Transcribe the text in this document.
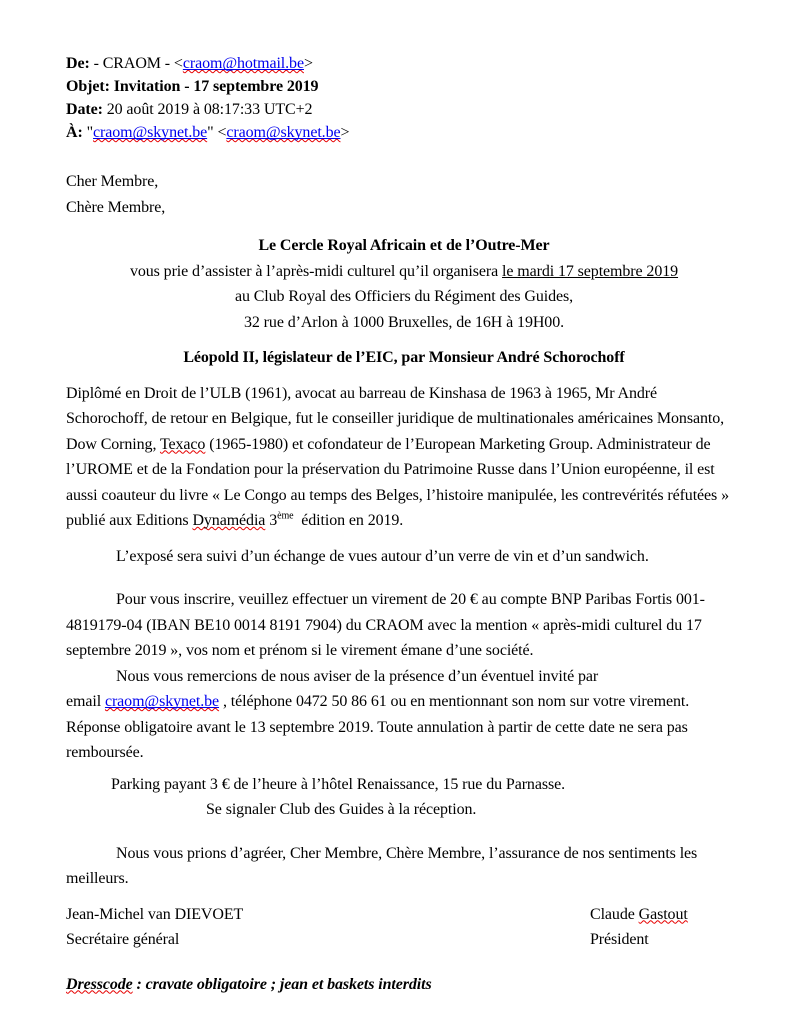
De: - CRAOM - <craom@hotmail.be>
Objet: Invitation - 17 septembre 2019
Date: 20 août 2019 à 08:17:33 UTC+2
À: "craom@skynet.be" <craom@skynet.be>
Cher Membre,
Chère Membre,
Le Cercle Royal Africain et de l’Outre-Mer
vous prie d’assister à l’après-midi culturel qu’il organisera le mardi 17 septembre 2019
au Club Royal des Officiers du Régiment des Guides,
32 rue d’Arlon à 1000 Bruxelles, de 16H à 19H00.
Léopold II, législateur de l’EIC, par Monsieur André Schorochoff

Diplômé en Droit de l’ULB (1961), avocat au barreau de Kinshasa de 1963 à 1965, Mr André Schorochoff, de retour en Belgique, fut le conseiller juridique de multinationales américaines Monsanto, Dow Corning, Texaco (1965-1980) et cofondateur de l’European Marketing Group. Administrateur de l’UROME et de la Fondation pour la préservation du Patrimoine Russe dans l’Union européenne, il est aussi coauteur du livre « Le Congo au temps des Belges, l’histoire manipulée, les contrevérités réfutées » publié aux Editions Dynamédia 3ème  édition en 2019.

L’exposé sera suivi d’un échange de vues autour d’un verre de vin et d’un sandwich.

Pour vous inscrire, veuillez effectuer un virement de 20 € au compte BNP Paribas Fortis 001-4819179-04 (IBAN BE10 0014 8191 7904) du CRAOM avec la mention « après-midi culturel du 17 septembre 2019 », vos nom et prénom si le virement émane d’une société.

Nous vous remercions de nous aviser de la présence d’un éventuel invité par
email craom@skynet.be , téléphone 0472 50 86 61 ou en mentionnant son nom sur votre virement. Réponse obligatoire avant le 13 septembre 2019. Toute annulation à partir de cette date ne sera pas remboursée.

Parking payant 3 € de l’heure à l’hôtel Renaissance, 15 rue du Parnasse.
Se signaler Club des Guides à la réception.

Nous vous prions d’agréer, Cher Membre, Chère Membre, l’assurance de nos sentiments les meilleurs.

Jean-Michel van DIEVOET
Secrétaire général
Claude Gastout
Président

Dresscode : cravate obligatoire ; jean et baskets interdits
